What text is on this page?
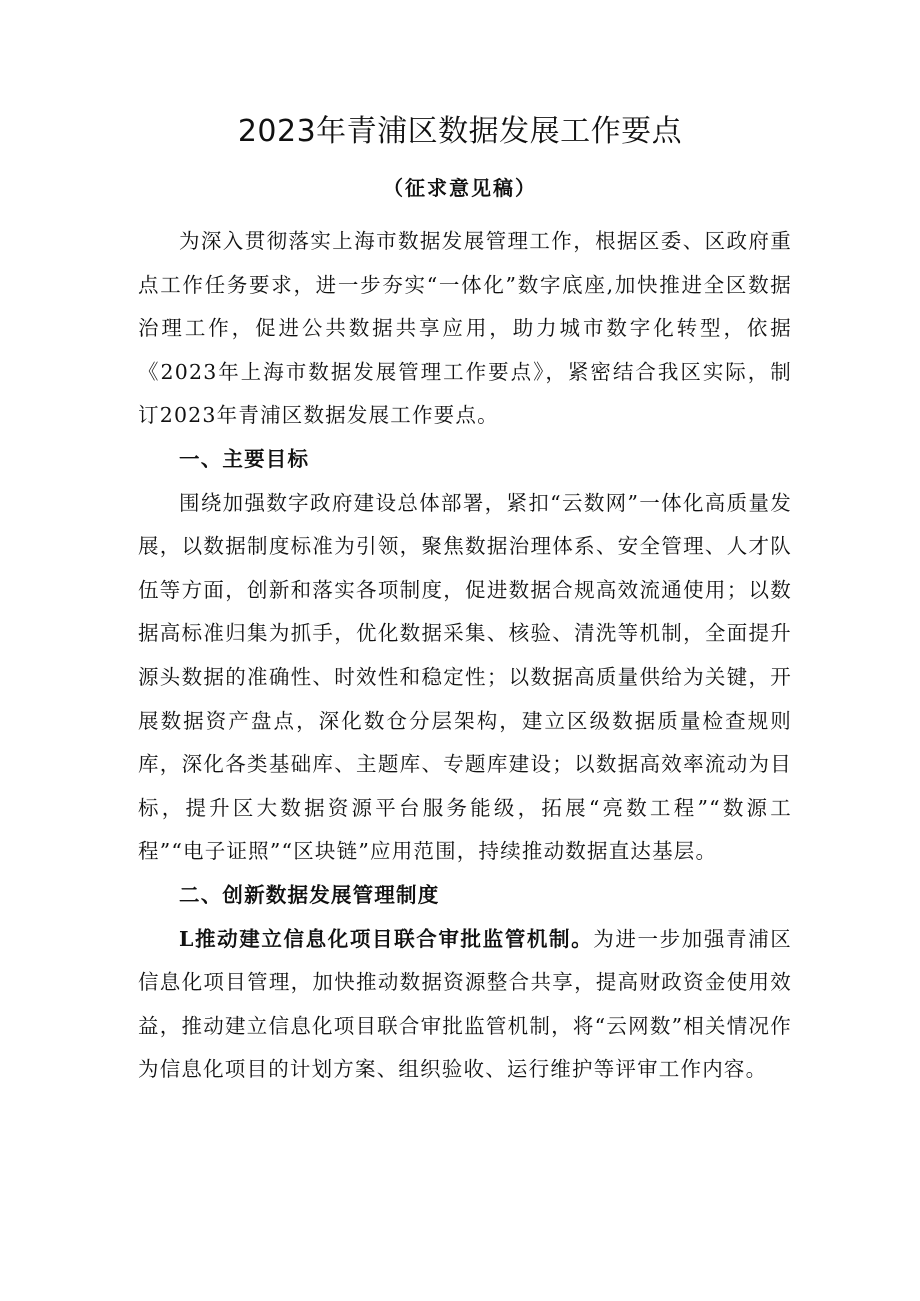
2023年青浦区数据发展工作要点
（征求意见稿）

为深入贯彻落实上海市数据发展管理工作，根据区委、区政府重点工作任务要求，进一步夯实“一体化”数字底座,加快推进全区数据治理工作，促进公共数据共享应用，助力城市数字化转型，依据《2023年上海市数据发展管理工作要点》，紧密结合我区实际，制订2023年青浦区数据发展工作要点。

一、主要目标

围绕加强数字政府建设总体部署，紧扣“云数网”一体化高质量发展，以数据制度标准为引领，聚焦数据治理体系、安全管理、人才队伍等方面，创新和落实各项制度，促进数据合规高效流通使用；以数据高标准归集为抓手，优化数据采集、核验、清洗等机制，全面提升源头数据的准确性、时效性和稳定性；以数据高质量供给为关键，开展数据资产盘点，深化数仓分层架构，建立区级数据质量检查规则库，深化各类基础库、主题库、专题库建设；以数据高效率流动为目标，提升区大数据资源平台服务能级，拓展“亮数工程”“数源工程”“电子证照”“区块链”应用范围，持续推动数据直达基层。

二、创新数据发展管理制度

L推动建立信息化项目联合审批监管机制。为进一步加强青浦区信息化项目管理，加快推动数据资源整合共享，提高财政资金使用效益，推动建立信息化项目联合审批监管机制，将“云网数”相关情况作为信息化项目的计划方案、组织验收、运行维护等评审工作内容。
